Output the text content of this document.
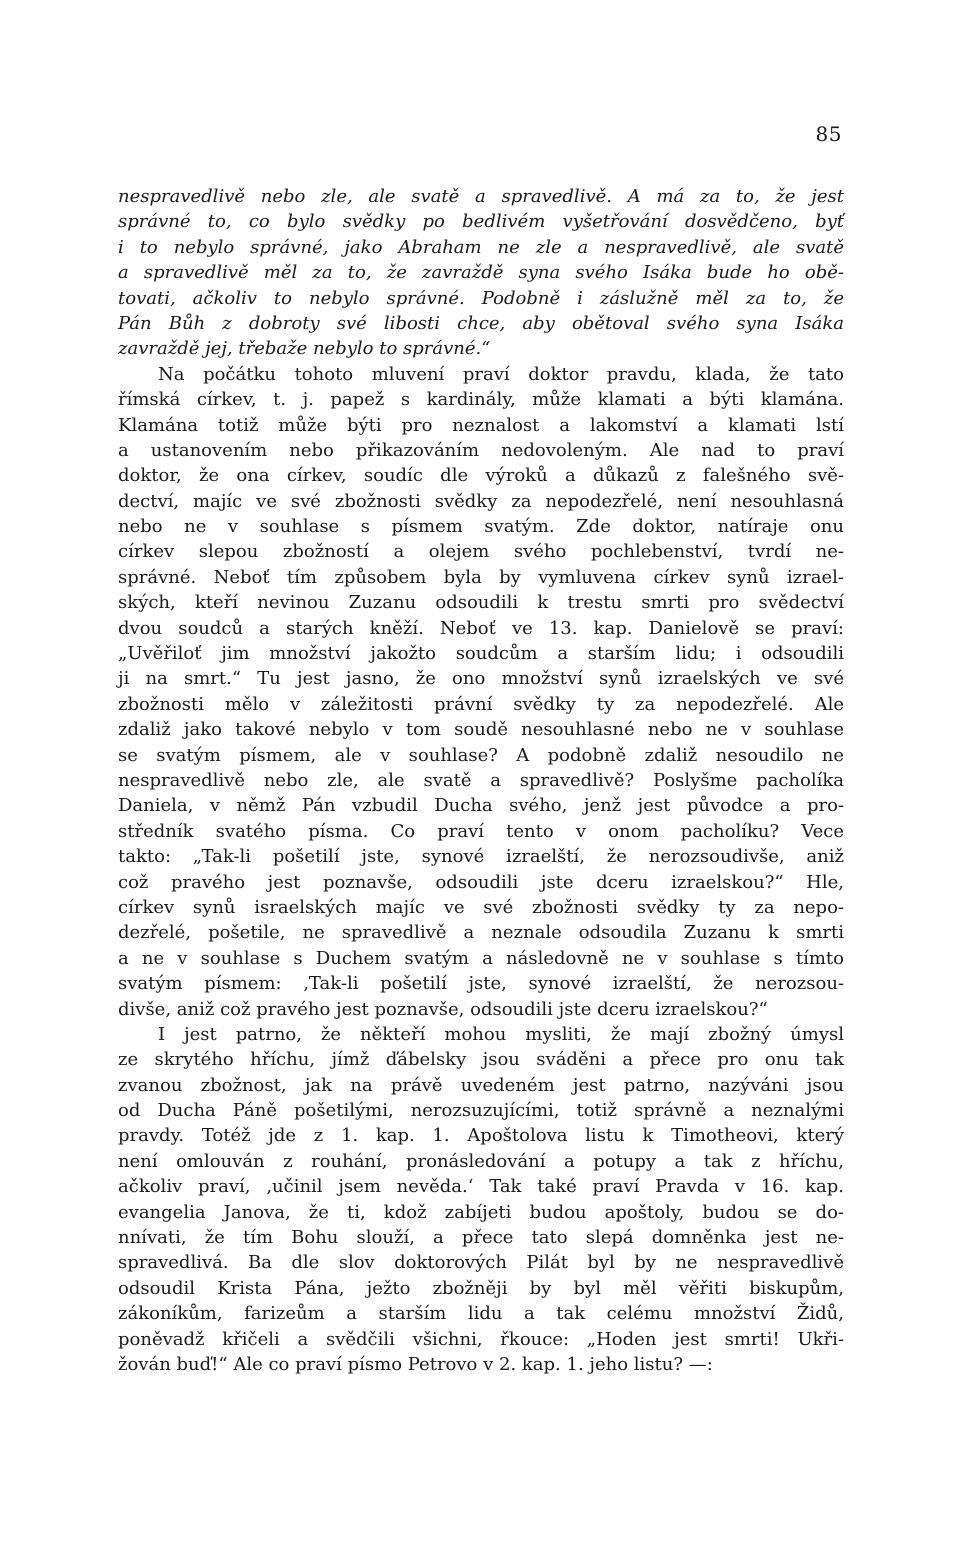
85
nespravedlivě nebo zle, ale svatě a spravedlivě. A má za to, že jest
správné to, co bylo svědky po bedlivém vyšetřování dosvědčeno, byť
i to nebylo správné, jako Abraham ne zle a nespravedlivě, ale svatě
a spravedlivě měl za to, že zavraždě syna svého Isáka bude ho obě-
tovati, ačkoliv to nebylo správné. Podobně i záslužně měl za to, že
Pán Bůh z dobroty své libosti chce, aby obětoval svého syna Isáka
zavraždě jej, třebaže nebylo to správné.“
Na počátku tohoto mluvení praví doktor pravdu, klada, že tato
římská církev, t. j. papež s kardinály, může klamati a býti klamána.
Klamána totiž může býti pro neznalost a lakomství a klamati lstí
a ustanovením nebo přikazováním nedovoleným. Ale nad to praví
doktor, že ona církev, soudíc dle výroků a důkazů z falešného svě-
dectví, majíc ve své zbožnosti svědky za nepodezřelé, není nesouhlasná
nebo ne v souhlase s písmem svatým. Zde doktor, natíraje onu
církev slepou zbožností a olejem svého pochlebenství, tvrdí ne-
správné. Neboť tím způsobem byla by vymluvena církev synů izrael-
ských, kteří nevinou Zuzanu odsoudili k trestu smrti pro svědectví
dvou soudců a starých kněží. Neboť ve 13. kap. Danielově se praví:
„Uvěřiloť jim množství jakožto soudcům a starším lidu; i odsoudili
ji na smrt.“ Tu jest jasno, že ono množství synů izraelských ve své
zbožnosti mělo v záležitosti právní svědky ty za nepodezřelé. Ale
zdaliž jako takové nebylo v tom soudě nesouhlasné nebo ne v souhlase
se svatým písmem, ale v souhlase? A podobně zdaliž nesoudilo ne
nespravedlivě nebo zle, ale svatě a spravedlivě? Poslyšme pacholíka
Daniela, v němž Pán vzbudil Ducha svého, jenž jest původce a pro-
středník svatého písma. Co praví tento v onom pacholíku? Vece
takto: „Tak-li pošetilí jste, synové izraelští, že nerozsoudivše, aniž
což pravého jest poznavše, odsoudili jste dceru izraelskou?“ Hle,
církev synů israelských majíc ve své zbožnosti svědky ty za nepo-
dezřelé, pošetile, ne spravedlivě a neznale odsoudila Zuzanu k smrti
a ne v souhlase s Duchem svatým a následovně ne v souhlase s tímto
svatým písmem: ‚Tak-li pošetilí jste, synové izraelští, že nerozsou-
divše, aniž což pravého jest poznavše, odsoudili jste dceru izraelskou?“
I jest patrno, že někteří mohou mysliti, že mají zbožný úmysl
ze skrytého hříchu, jímž ďábelsky jsou sváděni a přece pro onu tak
zvanou zbožnost, jak na právě uvedeném jest patrno, nazýváni jsou
od Ducha Páně pošetilými, nerozsuzujícími, totiž správně a neznalými
pravdy. Totéž jde z 1. kap. 1. Apoštolova listu k Timotheovi, který
není omlouván z rouhání, pronásledování a potupy a tak z hříchu,
ačkoliv praví, ‚učinil jsem nevěda.‘ Tak také praví Pravda v 16. kap.
evangelia Janova, že ti, kdož zabíjeti budou apoštoly, budou se do-
nnívati, že tím Bohu slouží, a přece tato slepá domněnka jest ne-
spravedlivá. Ba dle slov doktorových Pilát byl by ne nespravedlivě
odsoudil Krista Pána, ježto zbožněji by byl měl věřiti biskupům,
zákoníkům, farizeům a starším lidu a tak celému množství Židů,
poněvadž křičeli a svědčili všichni, řkouce: „Hoden jest smrti! Ukři-
žován buď!“ Ale co praví písmo Petrovo v 2. kap. 1. jeho listu? —:
